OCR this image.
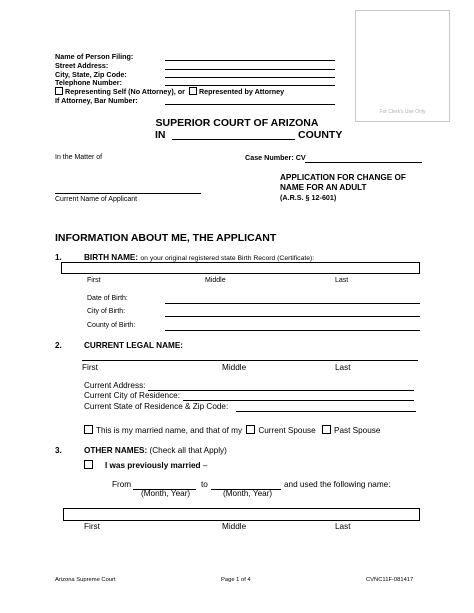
Name of Person Filing:
Street Address:
City, State, Zip Code:
Telephone Number:
Representing Self (No Attorney), or Represented by Attorney
If Attorney, Bar Number:
For Clerk's Use Only
SUPERIOR COURT OF ARIZONA
IN	COUNTY
In the Matter of	Case Number: CV
APPLICATION FOR CHANGE OF
NAME FOR AN ADULT
(A.R.S. § 12-601)
Current Name of Applicant
INFORMATION ABOUT ME, THE APPLICANT
1.	BIRTH NAME: on your original registered state Birth Record (Certificate):
First	Middle	Last
Date of Birth:
City of Birth:
County of Birth:
2.	CURRENT LEGAL NAME:
First	Middle	Last
Current Address:
Current City of Residence:
Current State of Residence & Zip Code:
This is my married name, and that of my Current Spouse Past Spouse
3.	OTHER NAMES: (Check all that Apply)
I was previously married –
From	to	and used the following name:
(Month, Year)	(Month, Year)
First	Middle	Last
Arizona Supreme Court	Page 1 of 4	CVNC11F-081417
